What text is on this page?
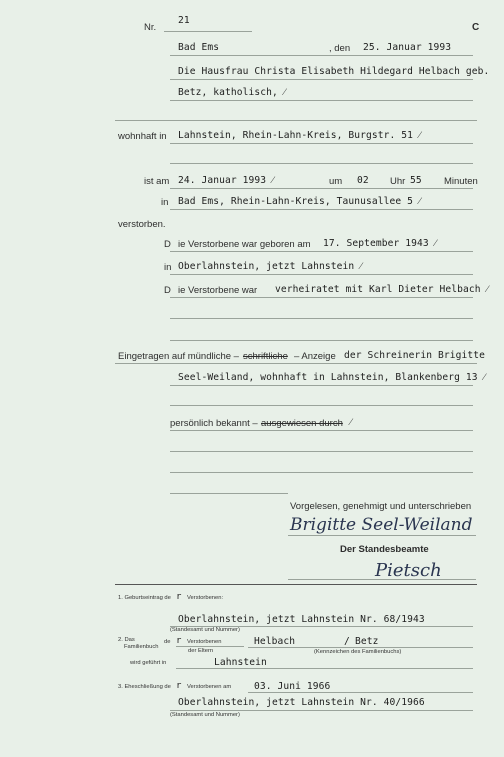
Nr.
21
C
Bad Ems	, den 25. Januar 1993
Die Hausfrau Christa Elisabeth Hildegard Helbach geb.
Betz, katholisch, ⁄
wohnhaft in Lahnstein, Rhein-Lahn-Kreis, Burgstr. 51 ⁄
ist am 24. Januar 1993 ⁄	um 02 Uhr 55 Minuten
in Bad Ems, Rhein-Lahn-Kreis, Taunusallee 5 ⁄
verstorben.
D ie Verstorbene war geboren am 17. September 1943 ⁄
in Oberlahnstein, jetzt Lahnstein ⁄
D ie Verstorbene war verheiratet mit Karl Dieter Helbach ⁄
Eingetragen auf mündliche – schriftliche – Anzeige der Schreinerin Brigitte
Seel-Weiland, wohnhaft in Lahnstein, Blankenberg 13 ⁄
persönlich bekannt – ausgewiesen durch ⁄
Vorgelesen, genehmigt und unterschrieben
Brigitte Seel-Weiland
Der Standesbeamte
Pietsch
1. Geburtseintrag de r Verstorbenen:
Oberlahnstein, jetzt Lahnstein Nr. 68/1943
(Standesamt und Nummer)
2. Das
Familienbuch
de r Verstorbenen
der Eltern
Helbach	/ Betz
(Kennzeichen des Familienbuchs)
wird geführt in	Lahnstein
3. Eheschließung de r Verstorbenen am 03. Juni 1966
Oberlahnstein, jetzt Lahnstein Nr. 40/1966
(Standesamt und Nummer)
